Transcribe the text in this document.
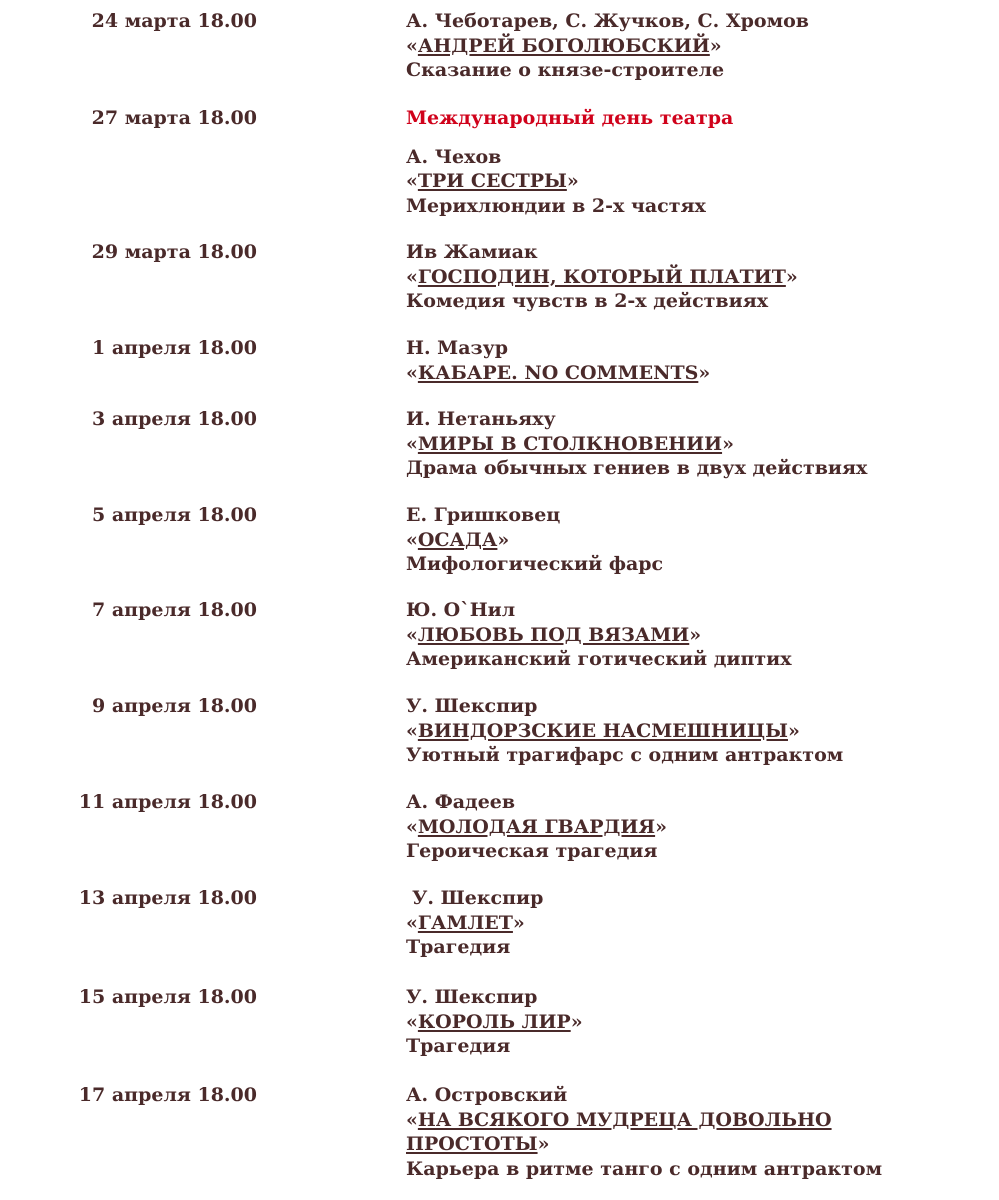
24 марта 18.00	А. Чеботарев, С. Жучков, С. Хромов
«АНДРЕЙ БОГОЛЮБСКИЙ»
Сказание о князе-строителе
27 марта 18.00	Международный день театра
А. Чехов
«ТРИ СЕСТРЫ»
Мерихлюндии в 2-х частях
29 марта 18.00	Ив Жамиак
«ГОСПОДИН, КОТОРЫЙ ПЛАТИТ»
Комедия чувств в 2-х действиях
1 апреля 18.00	Н. Мазур
«КАБАРЕ. NO COMMENTS»
3 апреля 18.00	И. Нетаньяху
«МИРЫ В СТОЛКНОВЕНИИ»
Драма обычных гениев в двух действиях
5 апреля 18.00	Е. Гришковец
«ОСАДА»
Мифологический фарс
7 апреля 18.00	Ю. О`Нил
«ЛЮБОВЬ ПОД ВЯЗАМИ»
Американский готический диптих
9 апреля 18.00	У. Шекспир
«ВИНДОРЗСКИЕ НАСМЕШНИЦЫ»
Уютный трагифарс с одним антрактом
11 апреля 18.00	А. Фадеев
«МОЛОДАЯ ГВАРДИЯ»
Героическая трагедия
13 апреля 18.00	У. Шекспир
«ГАМЛЕТ»
Трагедия
15 апреля 18.00	У. Шекспир
«КОРОЛЬ ЛИР»
Трагедия
17 апреля 18.00	А. Островский
«НА ВСЯКОГО МУДРЕЦА ДОВОЛЬНО
ПРОСТОТЫ»
Карьера в ритме танго с одним антрактом
